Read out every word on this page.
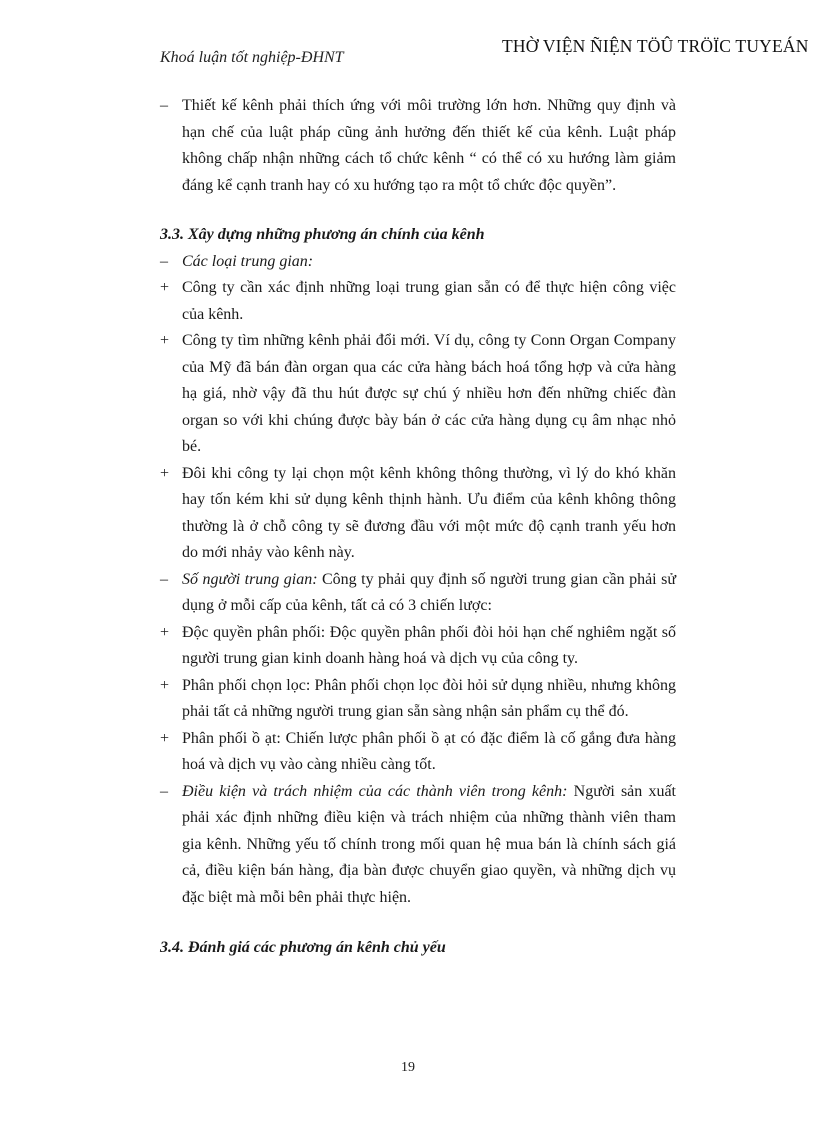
THỜ VIỆN ÑIỆN TÖÛ TRÖÏC TUYEÁN
Khoá luận tốt nghiệp-ĐHNT
– Thiết kế kênh phải thích ứng với môi trường lớn hơn. Những quy định và hạn chế của luật pháp cũng ảnh hưởng đến thiết kế của kênh. Luật pháp không chấp nhận những cách tổ chức kênh “ có thể có xu hướng làm giảm đáng kể cạnh tranh hay có xu hướng tạo ra một tổ chức độc quyền”.
3.3. Xây dựng những phương án chính của kênh
– Các loại trung gian:
+ Công ty cần xác định những loại trung gian sẵn có để thực hiện công việc của kênh.
+ Công ty tìm những kênh phải đổi mới. Ví dụ, công ty Conn Organ Company của Mỹ đã bán đàn organ qua các cửa hàng bách hoá tổng hợp và cửa hàng hạ giá, nhờ vậy đã thu hút được sự chú ý nhiều hơn đến những chiếc đàn organ so với khi chúng được bày bán ở các cửa hàng dụng cụ âm nhạc nhỏ bé.
+ Đôi khi công ty lại chọn một kênh không thông thường, vì lý do khó khăn hay tốn kém khi sử dụng kênh thịnh hành. Ưu điểm của kênh không thông thường là ở chỗ công ty sẽ đương đầu với một mức độ cạnh tranh yếu hơn do mới nhảy vào kênh này.
– Số người trung gian: Công ty phải quy định số người trung gian cần phải sử dụng ở mỗi cấp của kênh, tất cả có 3 chiến lược:
+ Độc quyền phân phối: Độc quyền phân phối đòi hỏi hạn chế nghiêm ngặt số người trung gian kinh doanh hàng hoá và dịch vụ của công ty.
+ Phân phối chọn lọc: Phân phối chọn lọc đòi hỏi sử dụng nhiều, nhưng không phải tất cả những người trung gian sẵn sàng nhận sản phẩm cụ thể đó.
+ Phân phối ồ ạt: Chiến lược phân phối ồ ạt có đặc điểm là cố gắng đưa hàng hoá và dịch vụ vào càng nhiều càng tốt.
– Điều kiện và trách nhiệm của các thành viên trong kênh: Người sản xuất phải xác định những điều kiện và trách nhiệm của những thành viên tham gia kênh. Những yếu tố chính trong mối quan hệ mua bán là chính sách giá cả, điều kiện bán hàng, địa bàn được chuyển giao quyền, và những dịch vụ đặc biệt mà mỗi bên phải thực hiện.
3.4. Đánh giá các phương án kênh chủ yếu
19
